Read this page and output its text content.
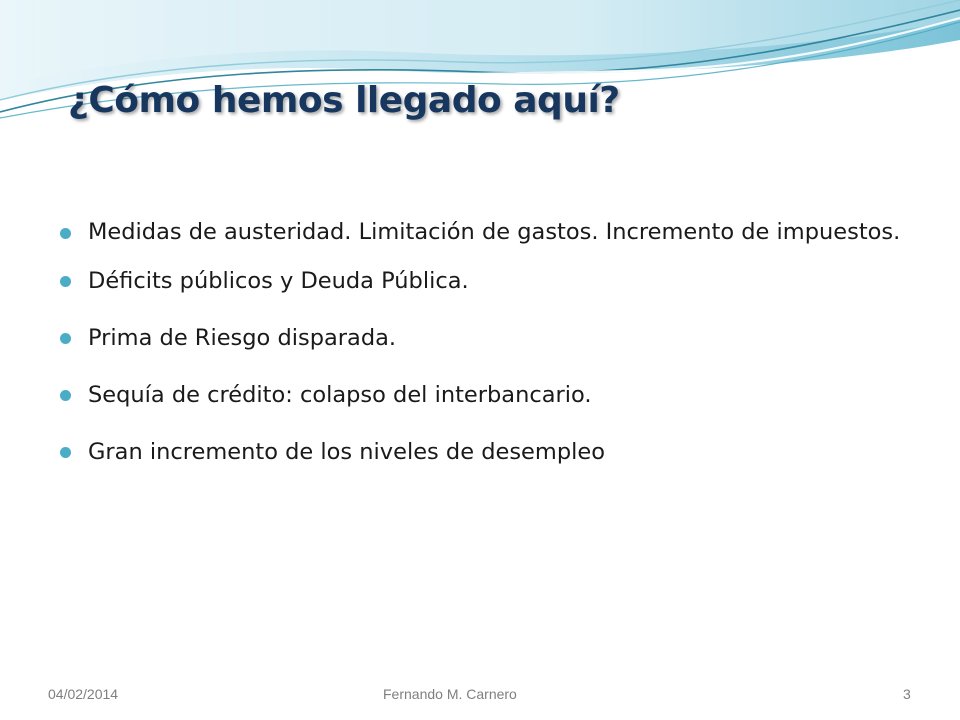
¿Cómo hemos llegado aquí?
Medidas de austeridad. Limitación de gastos. Incremento de impuestos.
Déficits públicos y Deuda Pública.
Prima de Riesgo disparada.
Sequía de crédito: colapso del interbancario.
Gran incremento de los niveles de desempleo
04/02/2014	Fernando M. Carnero	3
